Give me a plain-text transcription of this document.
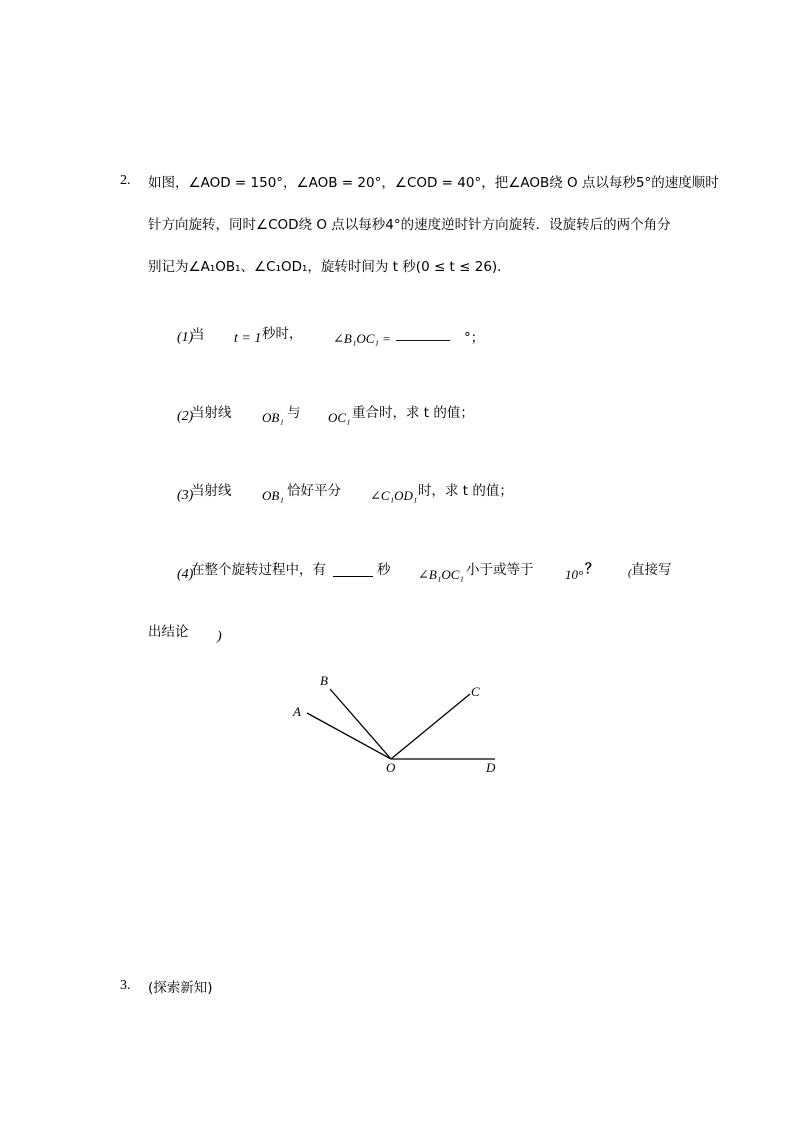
2. 如图，∠AOD = 150°，∠AOB = 20°，∠COD = 40°，把∠AOB绕 O 点以每秒5°的速度顺时
针方向旋转，同时∠COD绕 O 点以每秒4°的速度逆时针方向旋转．设旋转后的两个角分
别记为∠A₁OB₁、∠C₁OD₁，旋转时间为 t 秒(0 ≤ t ≤ 26)．
(1)
当 t = 1 秒时， ∠B₁OC₁ = ________ °；
(2)
当射线 OB₁ 与 OC₁ 重合时，求 t 的值；
(3)
当射线 OB₁ 恰好平分 ∠C₁OD₁ 时，求 t 的值；
(4)
在整个旋转过程中，有	秒 ∠B₁OC₁ 小于或等于 10° ？	( 直接写
出结论 )
A
B
C
O	D
3. (探索新知)
